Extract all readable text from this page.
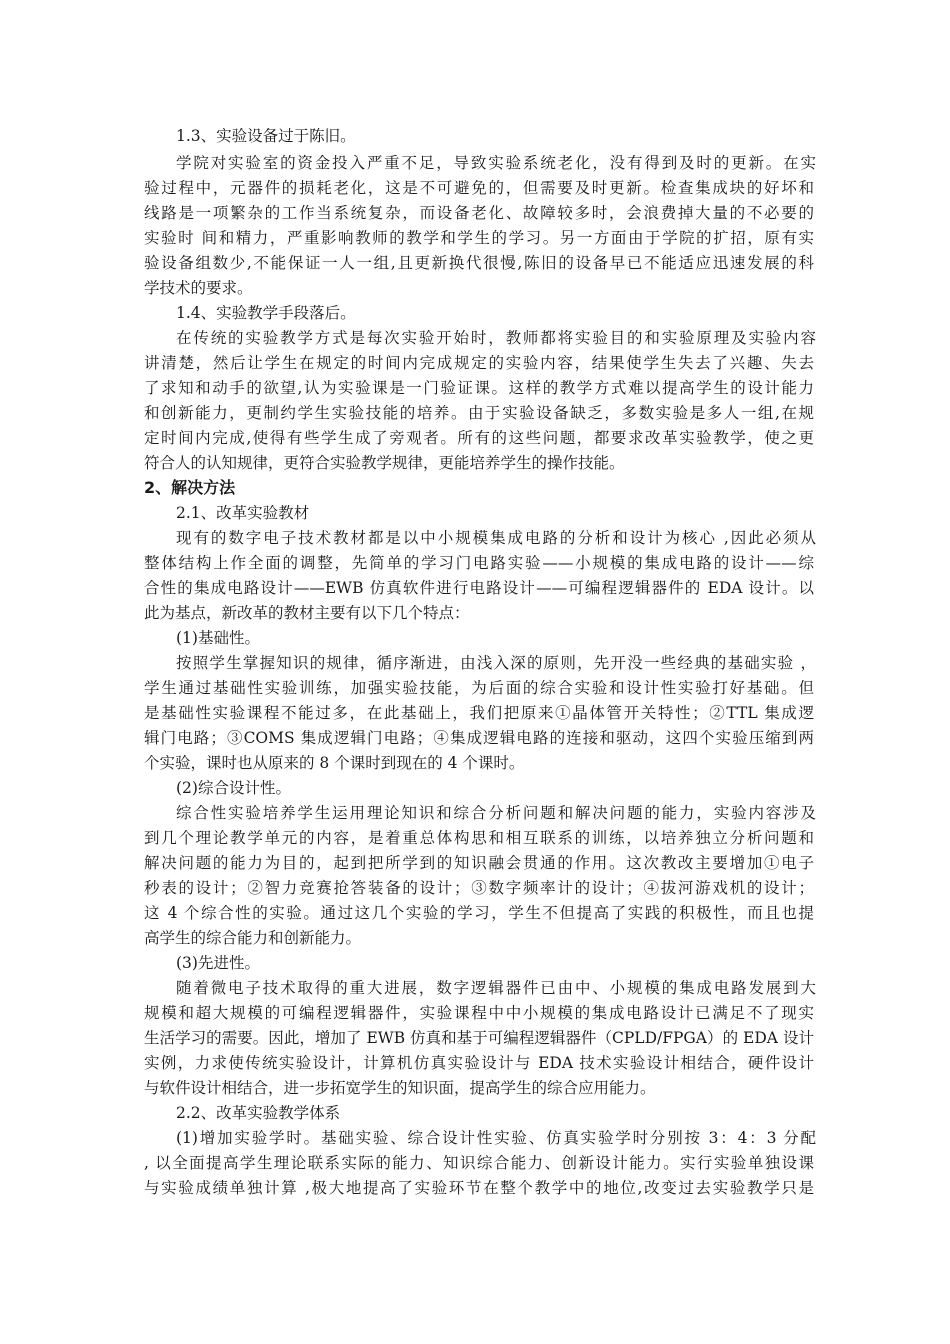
1.3、实验设备过于陈旧。
学院对实验室的资金投入严重不足，导致实验系统老化，没有得到及时的更新。在实
验过程中，元器件的损耗老化，这是不可避免的，但需要及时更新。检查集成块的好坏和
线路是一项繁杂的工作当系统复杂，而设备老化、故障较多时，会浪费掉大量的不必要的
实验时 间和精力，严重影响教师的教学和学生的学习。另一方面由于学院的扩招，原有实
验设备组数少,不能保证一人一组,且更新换代很慢,陈旧的设备早已不能适应迅速发展的科
学技术的要求。
1.4、实验教学手段落后。
在传统的实验教学方式是每次实验开始时，教师都将实验目的和实验原理及实验内容
讲清楚，然后让学生在规定的时间内完成规定的实验内容，结果使学生失去了兴趣、失去
了求知和动手的欲望,认为实验课是一门验证课。这样的教学方式难以提高学生的设计能力
和创新能力，更制约学生实验技能的培养。由于实验设备缺乏，多数实验是多人一组,在规
定时间内完成,使得有些学生成了旁观者。所有的这些问题，都要求改革实验教学，使之更
符合人的认知规律，更符合实验教学规律，更能培养学生的操作技能。
2、解决方法
2.1、改革实验教材
现有的数字电子技术教材都是以中小规模集成电路的分析和设计为核心 ,因此必须从
整体结构上作全面的调整，先简单的学习门电路实验——小规模的集成电路的设计——综
合性的集成电路设计——EWB 仿真软件进行电路设计——可编程逻辑器件的 EDA 设计。以
此为基点，新改革的教材主要有以下几个特点：
(1)基础性。
按照学生掌握知识的规律，循序渐进，由浅入深的原则，先开没一些经典的基础实验 ，
学生通过基础性实验训练，加强实验技能，为后面的综合实验和设计性实验打好基础。但
是基础性实验课程不能过多，在此基础上，我们把原来①晶体管开关特性；②TTL 集成逻
辑门电路；③COMS 集成逻辑门电路；④集成逻辑电路的连接和驱动，这四个实验压缩到两
个实验，课时也从原来的 8 个课时到现在的 4 个课时。
(2)综合设计性。
综合性实验培养学生运用理论知识和综合分析问题和解决问题的能力，实验内容涉及
到几个理论教学单元的内容，是着重总体构思和相互联系的训练，以培养独立分析问题和
解决问题的能力为目的，起到把所学到的知识融会贯通的作用。这次教改主要增加①电子
秒表的设计；②智力竞赛抢答装备的设计；③数字频率计的设计；④拔河游戏机的设计；
这 4 个综合性的实验。通过这几个实验的学习，学生不但提高了实践的积极性，而且也提
高学生的综合能力和创新能力。
(3)先进性。
随着微电子技术取得的重大进展，数字逻辑器件已由中、小规模的集成电路发展到大
规模和超大规模的可编程逻辑器件，实验课程中中小规模的集成电路设计已满足不了现实
生活学习的需要。因此，增加了 EWB 仿真和基于可编程逻辑器件（CPLD/FPGA）的 EDA 设计
实例，力求使传统实验设计，计算机仿真实验设计与 EDA 技术实验设计相结合，硬件设计
与软件设计相结合，进一步拓宽学生的知识面，提高学生的综合应用能力。
2.2、改革实验教学体系
(1)增加实验学时。基础实验、综合设计性实验、仿真实验学时分别按 3：4：3 分配
, 以全面提高学生理论联系实际的能力、知识综合能力、创新设计能力。实行实验单独设课
与实验成绩单独计算 ,极大地提高了实验环节在整个教学中的地位,改变过去实验教学只是
